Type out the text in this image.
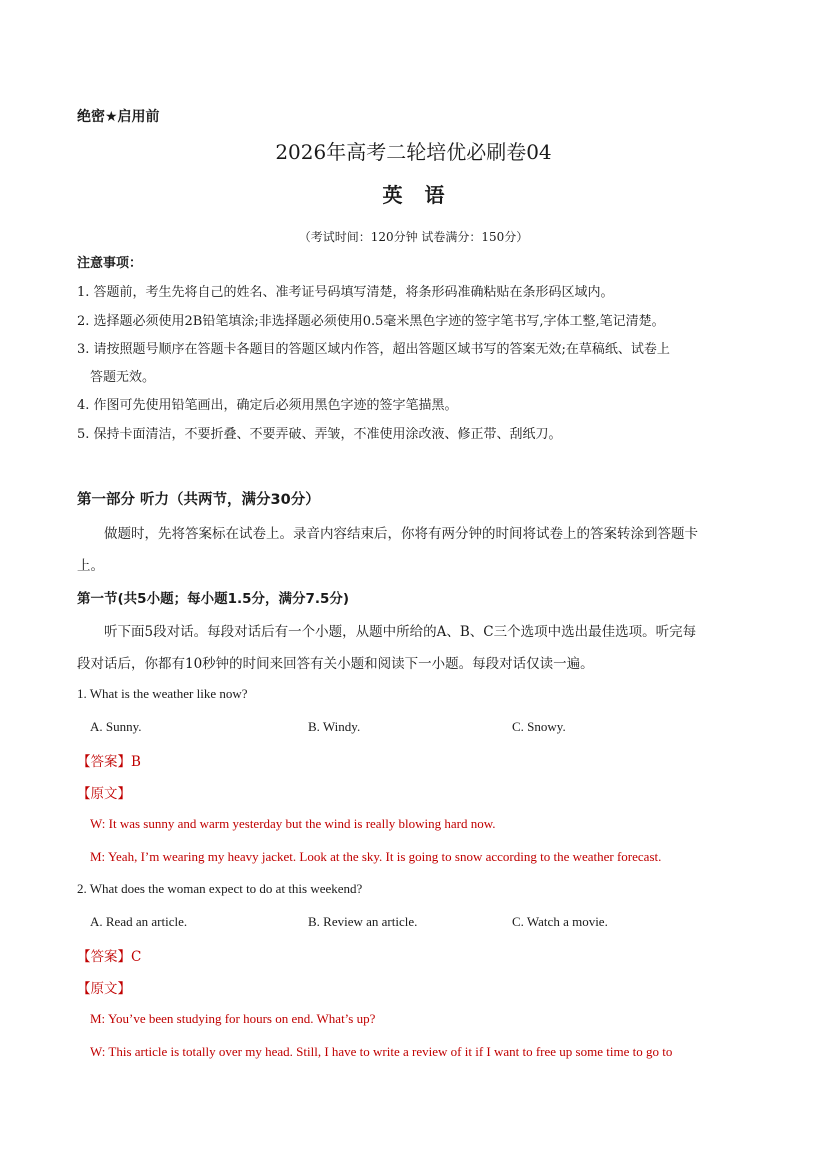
绝密★启用前
2026年高考二轮培优必刷卷04
英语
（考试时间：120分钟 试卷满分：150分）
注意事项：
1. 答题前，考生先将自己的姓名、准考证号码填写清楚，将条形码准确粘贴在条形码区域内。
2. 选择题必须使用2B铅笔填涂;非选择题必须使用0.5毫米黑色字迹的签字笔书写,字体工整,笔记清楚。
3. 请按照题号顺序在答题卡各题目的答题区域内作答，超出答题区域书写的答案无效;在草稿纸、试卷上
答题无效。
4. 作图可先使用铅笔画出，确定后必须用黑色字迹的签字笔描黑。
5. 保持卡面清洁，不要折叠、不要弄破、弄皱，不准使用涂改液、修正带、刮纸刀。
第一部分 听力（共两节，满分30分）
做题时，先将答案标在试卷上。录音内容结束后，你将有两分钟的时间将试卷上的答案转涂到答题卡
上。
第一节(共5小题；每小题1.5分，满分7.5分)
听下面5段对话。每段对话后有一个小题，从题中所给的A、B、C三个选项中选出最佳选项。听完每
段对话后，你都有10秒钟的时间来回答有关小题和阅读下一小题。每段对话仅读一遍。
1. What is the weather like now?
A. Sunny.	B. Windy.	C. Snowy.
【答案】B
【原文】
W: It was sunny and warm yesterday but the wind is really blowing hard now.
M: Yeah, I’m wearing my heavy jacket. Look at the sky. It is going to snow according to the weather forecast.
2. What does the woman expect to do at this weekend?
A. Read an article.	B. Review an article.	C. Watch a movie.
【答案】C
【原文】
M: You’ve been studying for hours on end. What’s up?
W: This article is totally over my head. Still, I have to write a review of it if I want to free up some time to go to
